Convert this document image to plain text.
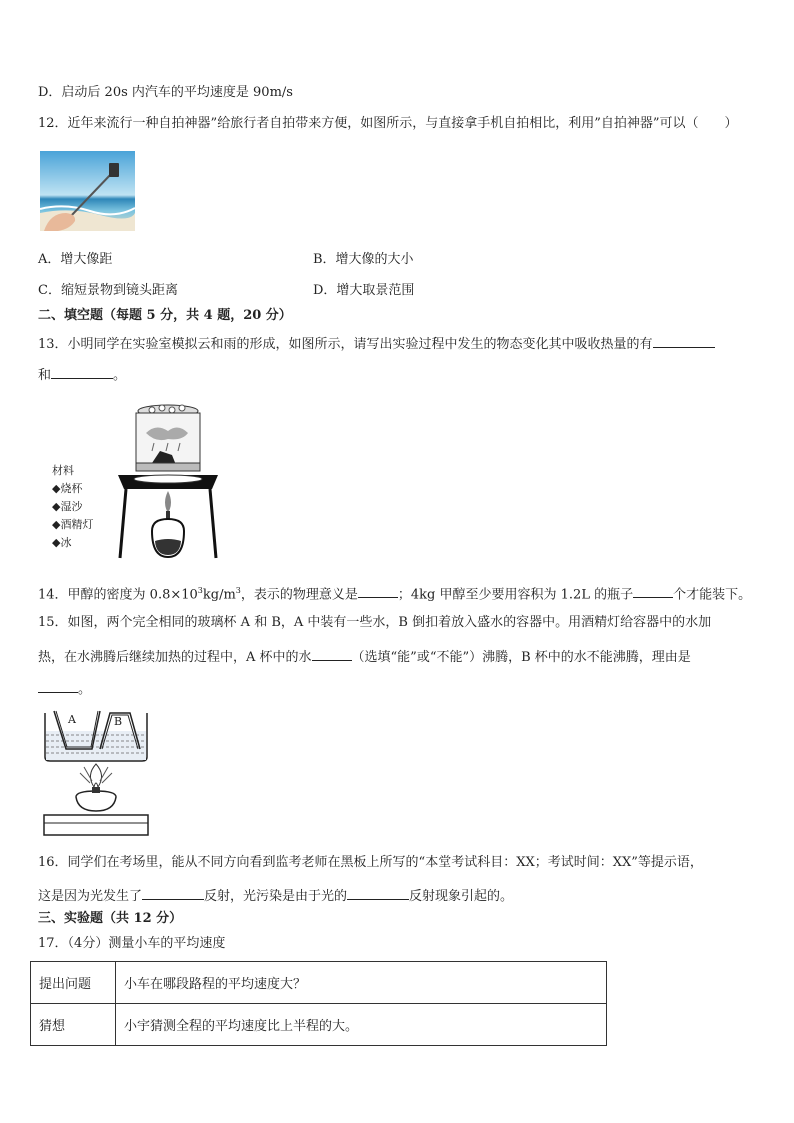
D．启动后 20s 内汽车的平均速度是 90m/s
12．近年来流行一种自拍神器”给旅行者自拍带来方便，如图所示，与直接拿手机自拍相比，利用”自拍神器”可以（　　）
A．增大像距	B．增大像的大小
C．缩短景物到镜头距离	D．增大取景范围
二、填空题（每题 5 分，共 4 题，20 分）
13．小明同学在实验室模拟云和雨的形成，如图所示，请写出实验过程中发生的物态变化其中吸收热量的有
和	。
材料
◆烧杯
◆湿沙
◆酒精灯
◆冰
14．甲醇的密度为 $0.8\times 10^3kg/m^3$，表示的物理意义是	；4kg 甲醇至少要用容积为 1.2L 的瓶子	个才能装下。
15．如图，两个完全相同的玻璃杯 A 和 B，A 中装有一些水，B 倒扣着放入盛水的容器中。用酒精灯给容器中的水加
热，在水沸腾后继续加热的过程中，A 杯中的水	（选填“能”或“不能”）沸腾，B 杯中的水不能沸腾，理由是
。
A	B
16．同学们在考场里，能从不同方向看到监考老师在黑板上所写的“本堂考试科目：XX；考试时间：XX”等提示语，
这是因为光发生了	反射，光污染是由于光的	反射现象引起的。
三、实验题（共 12 分）
17．（4分）测量小车的平均速度
提出问题	小车在哪段路程的平均速度大？
猜想	小宇猜测全程的平均速度比上半程的大。
